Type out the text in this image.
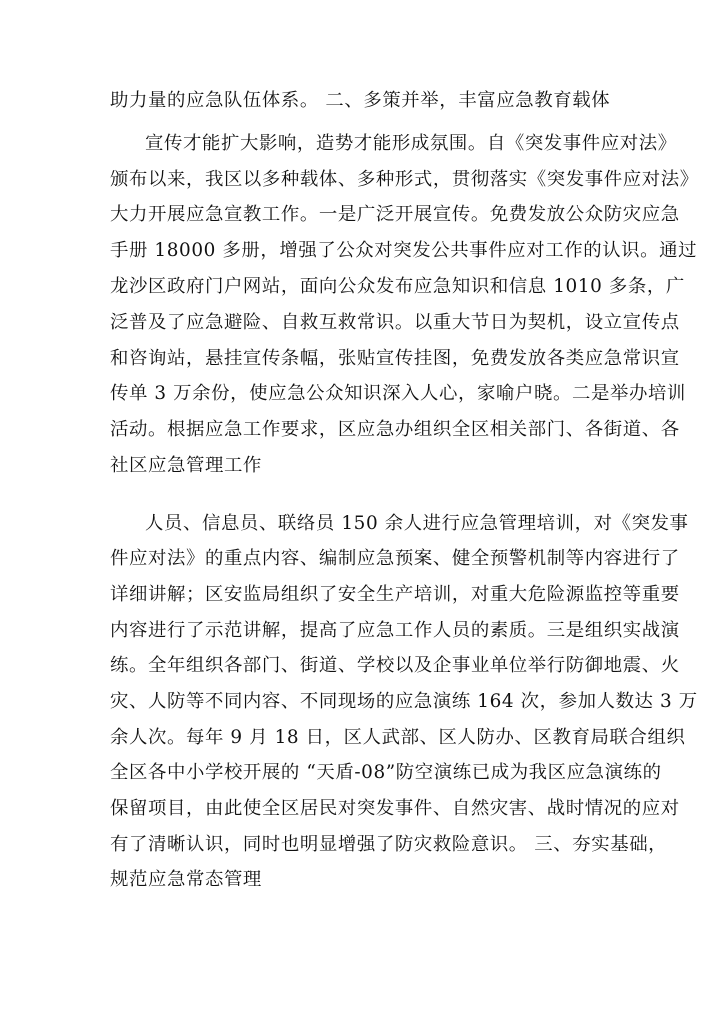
助力量的应急队伍体系。 二、多策并举，丰富应急教育载体
宣传才能扩大影响，造势才能形成氛围。自《突发事件应对法》
颁布以来，我区以多种载体、多种形式，贯彻落实《突发事件应对法》
大力开展应急宣教工作。一是广泛开展宣传。免费发放公众防灾应急
手册 18000 多册，增强了公众对突发公共事件应对工作的认识。通过
龙沙区政府门户网站，面向公众发布应急知识和信息 1010 多条，广
泛普及了应急避险、自救互救常识。以重大节日为契机，设立宣传点
和咨询站，悬挂宣传条幅，张贴宣传挂图，免费发放各类应急常识宣
传单 3 万余份，使应急公众知识深入人心，家喻户晓。二是举办培训
活动。根据应急工作要求，区应急办组织全区相关部门、各街道、各
社区应急管理工作
人员、信息员、联络员 150 余人进行应急管理培训，对《突发事
件应对法》的重点内容、编制应急预案、健全预警机制等内容进行了
详细讲解；区安监局组织了安全生产培训，对重大危险源监控等重要
内容进行了示范讲解，提高了应急工作人员的素质。三是组织实战演
练。全年组织各部门、街道、学校以及企事业单位举行防御地震、火
灾、人防等不同内容、不同现场的应急演练 164 次，参加人数达 3 万
余人次。每年 9 月 18 日，区人武部、区人防办、区教育局联合组织
全区各中小学校开展的 “天盾-08”防空演练已成为我区应急演练的
保留项目，由此使全区居民对突发事件、自然灾害、战时情况的应对
有了清晰认识，同时也明显增强了防灾救险意识。 三、夯实基础，
规范应急常态管理
